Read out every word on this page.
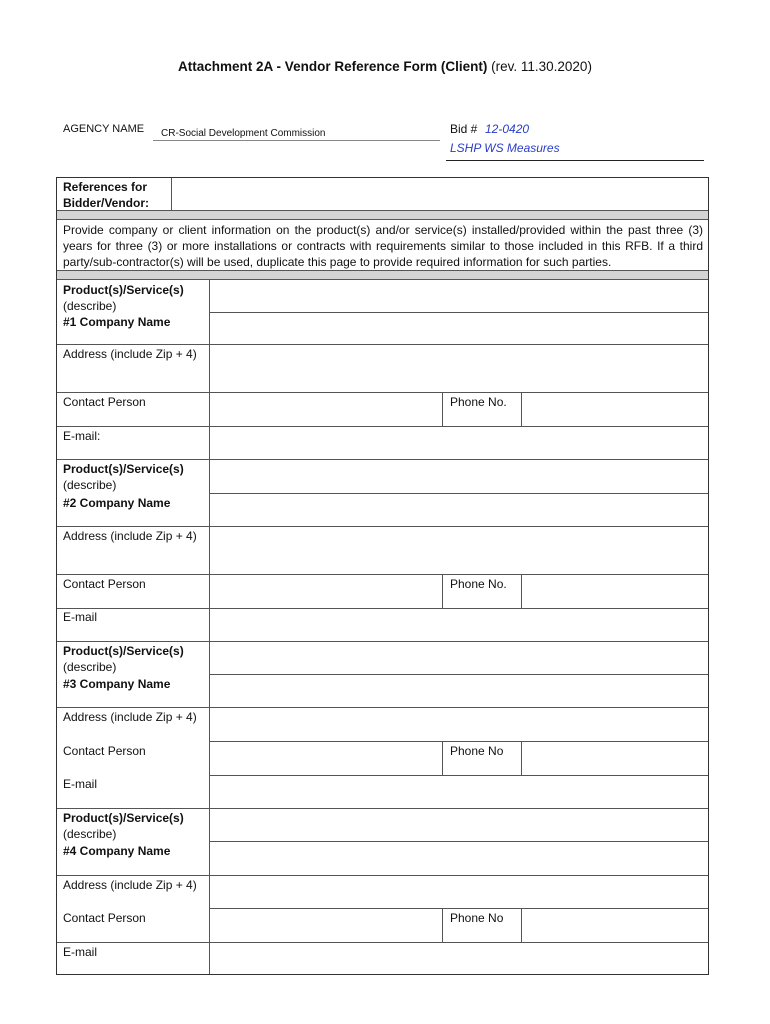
Attachment 2A - Vendor Reference Form (Client) (rev. 11.30.2020)
AGENCY NAME CR-Social Development Commission	Bid # 12-0420
LSHP WS Measures
References for Bidder/Vendor:
Provide company or client information on the product(s) and/or service(s) installed/provided within the past three (3) years for three (3) or more installations or contracts with requirements similar to those included in this RFB. If a third party/sub-contractor(s) will be used, duplicate this page to provide required information for such parties.
Product(s)/Service(s)
(describe)
#1 Company Name
Address (include Zip + 4)
Contact Person	Phone No.
E-mail:
Product(s)/Service(s)
(describe)
#2 Company Name
Address (include Zip + 4)
Contact Person	Phone No.
E-mail
Product(s)/Service(s)
(describe)
#3 Company Name
Address (include Zip + 4)
Contact Person	Phone No
E-mail
Product(s)/Service(s)
(describe)
#4 Company Name
Address (include Zip + 4)
Contact Person	Phone No
E-mail
